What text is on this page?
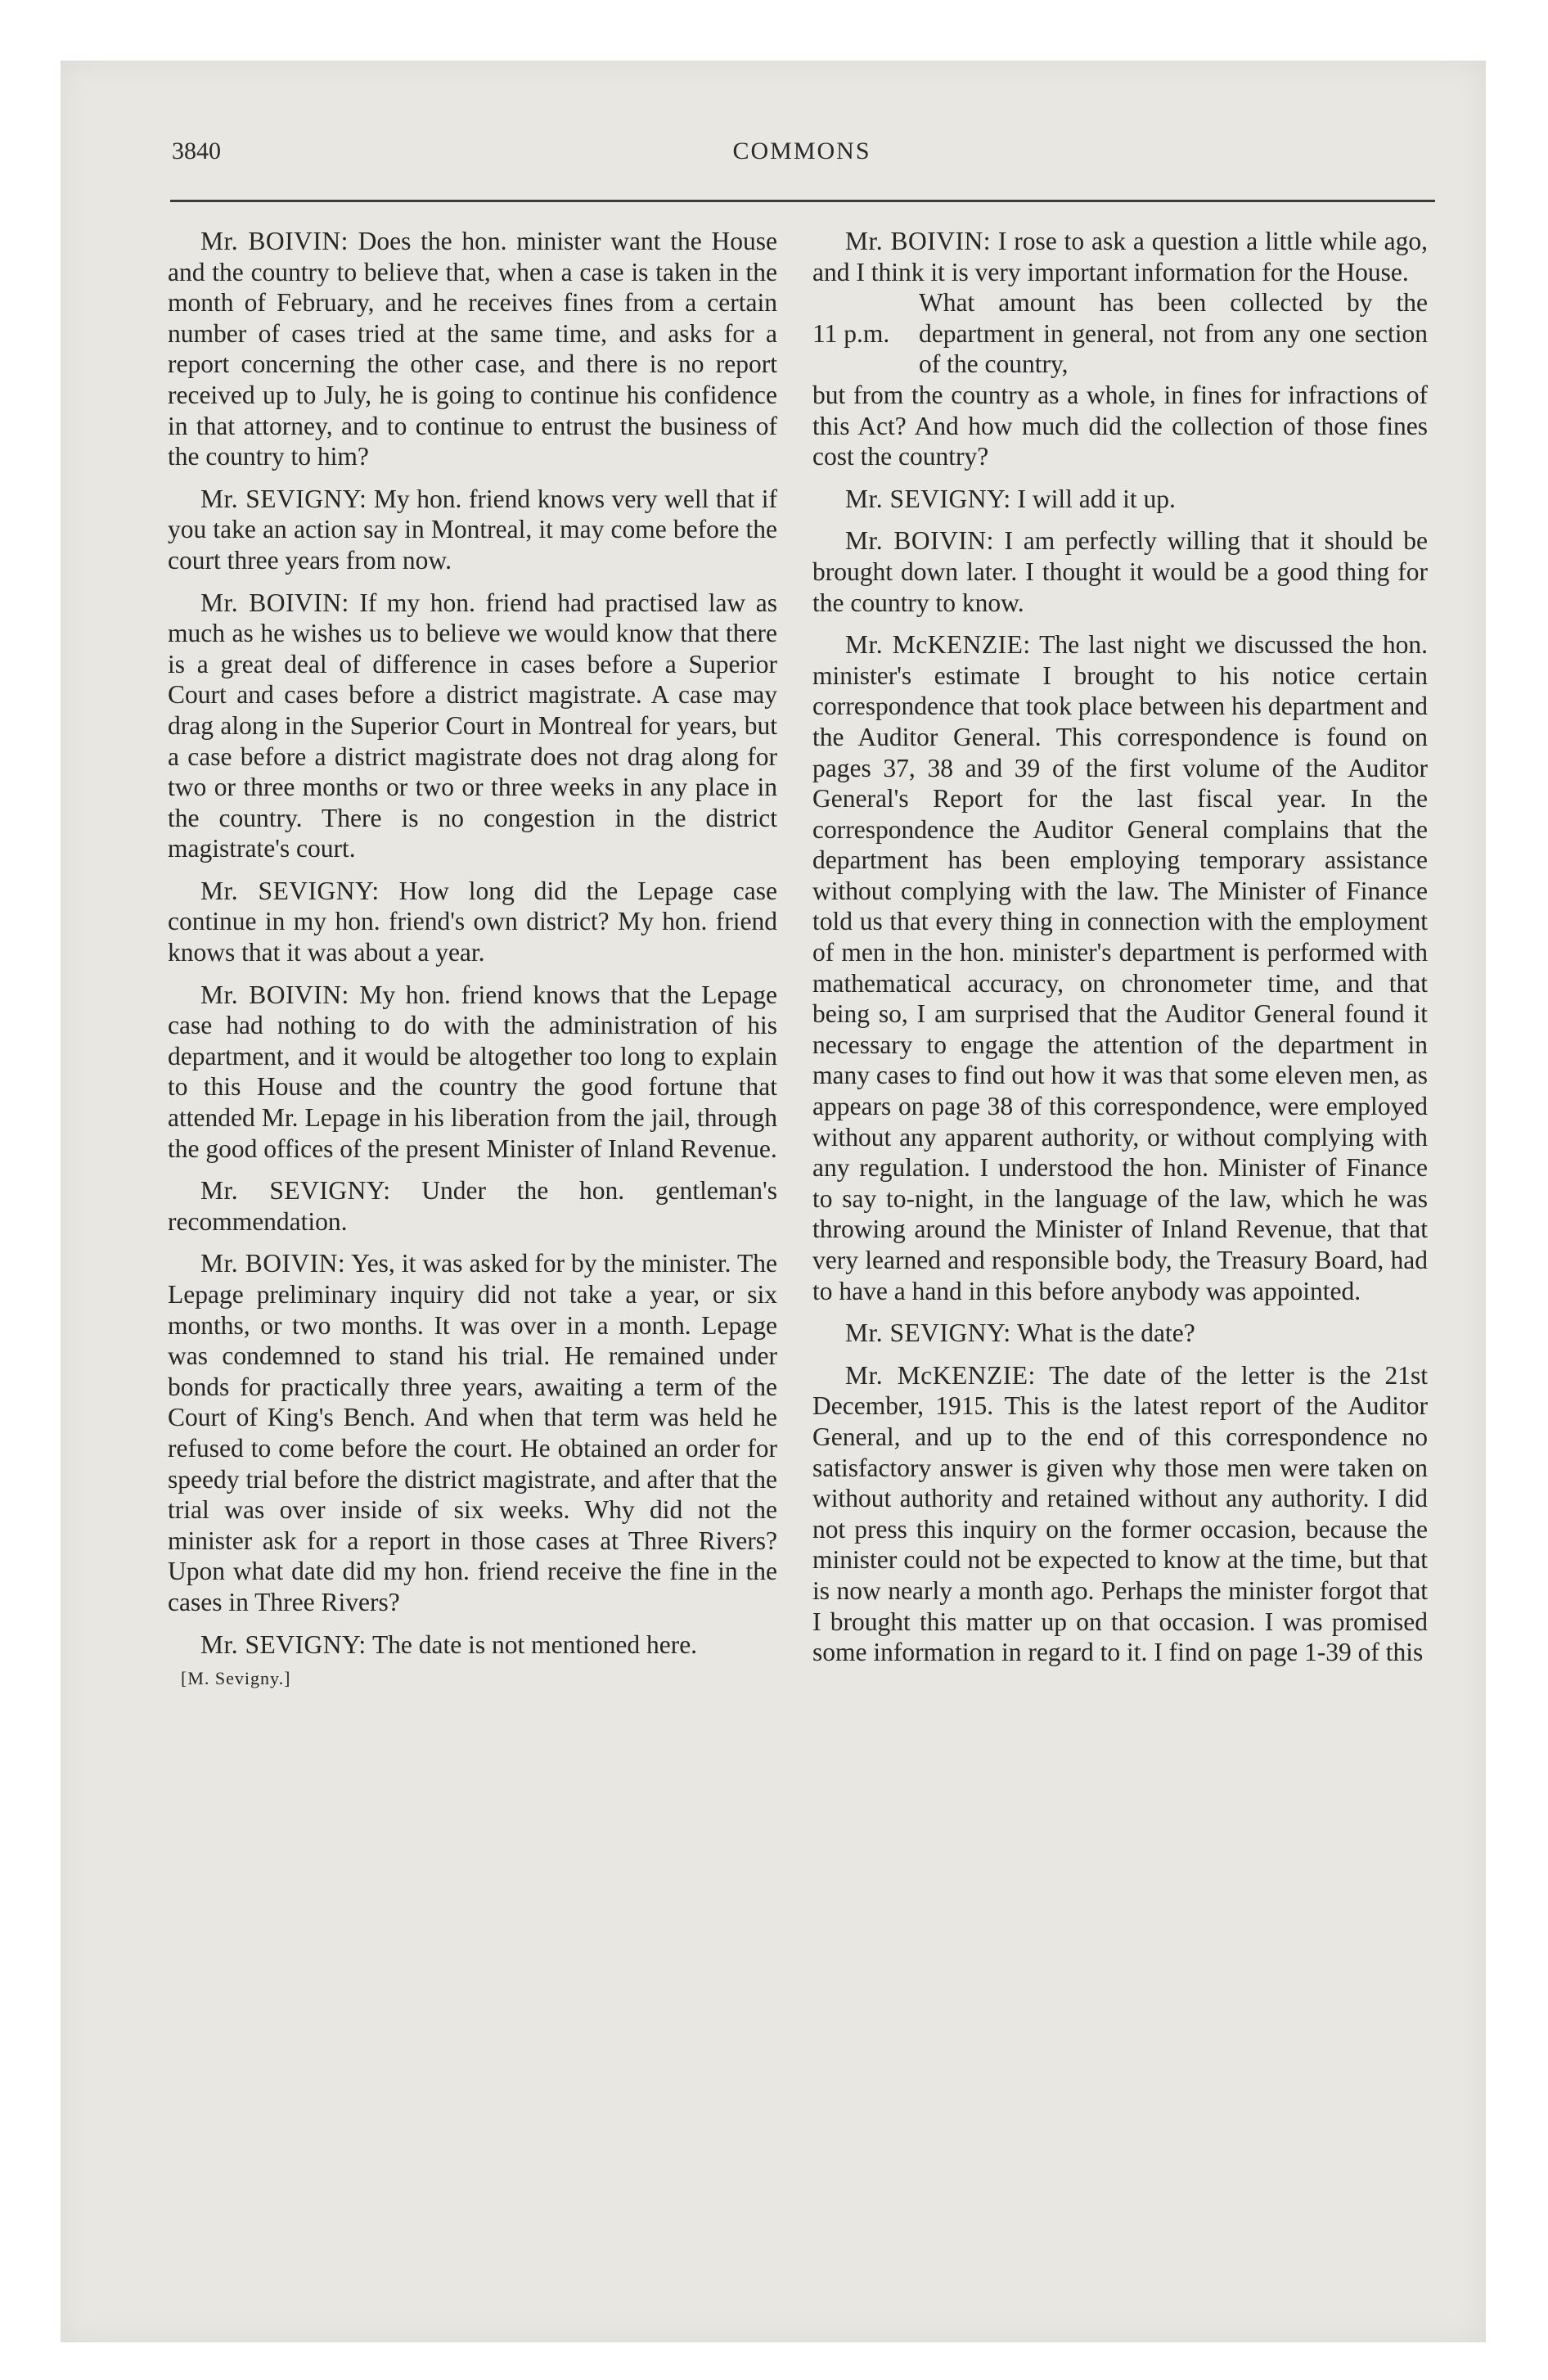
3840	COMMONS

Mr. BOIVIN: Does the hon. minister want the House and the country to believe that, when a case is taken in the month of February, and he receives fines from a certain number of cases tried at the same time, and asks for a report concerning the other case, and there is no report received up to July, he is going to continue his confidence in that attorney, and to continue to entrust the business of the country to him?

Mr. SEVIGNY: My hon. friend knows very well that if you take an action say in Montreal, it may come before the court three years from now.

Mr. BOIVIN: If my hon. friend had practised law as much as he wishes us to believe we would know that there is a great deal of difference in cases before a Superior Court and cases before a district magistrate. A case may drag along in the Superior Court in Montreal for years, but a case before a district magistrate does not drag along for two or three months or two or three weeks in any place in the country. There is no congestion in the district magistrate's court.

Mr. SEVIGNY: How long did the Lepage case continue in my hon. friend's own district? My hon. friend knows that it was about a year.

Mr. BOIVIN: My hon. friend knows that the Lepage case had nothing to do with the administration of his department, and it would be altogether too long to explain to this House and the country the good fortune that attended Mr. Lepage in his liberation from the jail, through the good offices of the present Minister of Inland Revenue.

Mr. SEVIGNY: Under the hon. gentleman's recommendation.

Mr. BOIVIN: Yes, it was asked for by the minister. The Lepage preliminary inquiry did not take a year, or six months, or two months. It was over in a month. Lepage was condemned to stand his trial. He remained under bonds for practically three years, awaiting a term of the Court of King's Bench. And when that term was held he refused to come before the court. He obtained an order for speedy trial before the district magistrate, and after that the trial was over inside of six weeks. Why did not the minister ask for a report in those cases at Three Rivers? Upon what date did my hon. friend receive the fine in the cases in Three Rivers?

Mr. SEVIGNY: The date is not mentioned here.

[M. Sevigny.]

Mr. BOIVIN: I rose to ask a question a little while ago, and I think it is very important information for the House.

11 p.m.
What amount has been collected by the department in general, not from any one section of the country,

but from the country as a whole, in fines for infractions of this Act? And how much did the collection of those fines cost the country?

Mr. SEVIGNY: I will add it up.

Mr. BOIVIN: I am perfectly willing that it should be brought down later. I thought it would be a good thing for the country to know.

Mr. McKENZIE: The last night we discussed the hon. minister's estimate I brought to his notice certain correspondence that took place between his department and the Auditor General. This correspondence is found on pages 37, 38 and 39 of the first volume of the Auditor General's Report for the last fiscal year. In the correspondence the Auditor General complains that the department has been employing temporary assistance without complying with the law. The Minister of Finance told us that every thing in connection with the employment of men in the hon. minister's department is performed with mathematical accuracy, on chronometer time, and that being so, I am surprised that the Auditor General found it necessary to engage the attention of the department in many cases to find out how it was that some eleven men, as appears on page 38 of this correspondence, were employed without any apparent authority, or without complying with any regulation. I understood the hon. Minister of Finance to say to-night, in the language of the law, which he was throwing around the Minister of Inland Revenue, that that very learned and responsible body, the Treasury Board, had to have a hand in this before anybody was appointed.

Mr. SEVIGNY: What is the date?

Mr. McKENZIE: The date of the letter is the 21st December, 1915. This is the latest report of the Auditor General, and up to the end of this correspondence no satisfactory answer is given why those men were taken on without authority and retained without any authority. I did not press this inquiry on the former occasion, because the minister could not be expected to know at the time, but that is now nearly a month ago. Perhaps the minister forgot that I brought this matter up on that occasion. I was promised some information in regard to it. I find on page 1-39 of this
